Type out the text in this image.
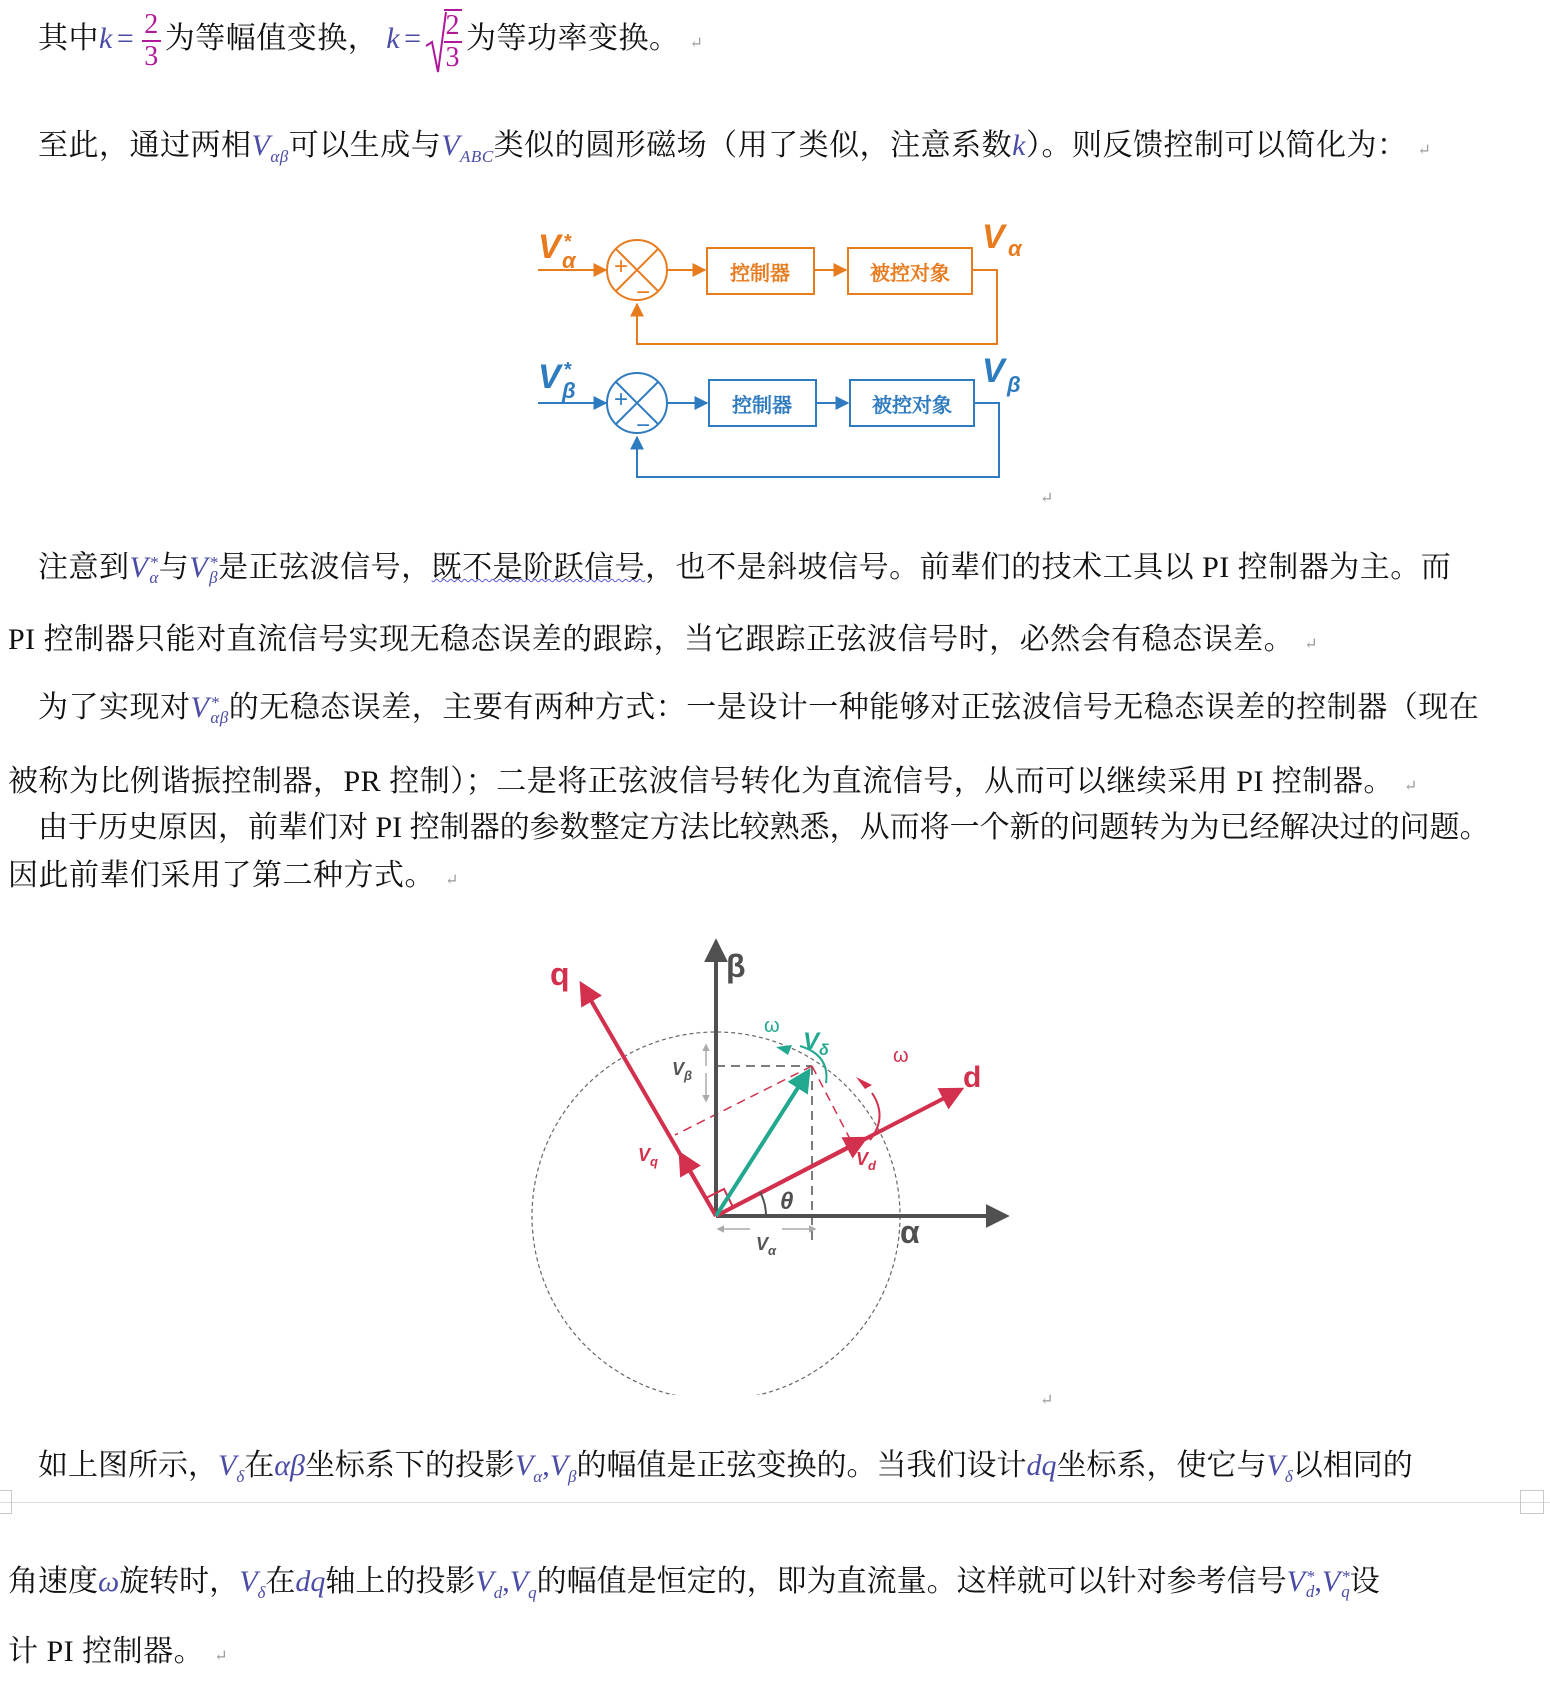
其中$k = \frac{2}{3}$ 为等幅值变换， $k = \frac{2}{3}$ 为等功率变换。 ↵
至此，通过两相$V_{\alpha\beta}$可以生成与$V_{ABC}$类似的圆形磁场（用了类似，注意系数k）。则反馈控制可以简化为： ↵
V *
α +
−
控制器	被控对象
V α
V *
β +
−
控制器	被控对象
V β
↵
注意到V *
α 与V *
β 是正弦波信号，既不是阶跃信号，也不是斜坡信号。前辈们的技术工具以 PI 控制器为主。而
PI 控制器只能对直流信号实现无稳态误差的跟踪，当它跟踪正弦波信号时，必然会有稳态误差。 ↵
为了实现对V *
αβ 的无稳态误差，主要有两种方式：一是设计一种能够对正弦波信号无稳态误差的控制器（现在
被称为比例谐振控制器，PR 控制）；二是将正弦波信号转化为直流信号，从而可以继续采用 PI 控制器。 ↵
由于历史原因，前辈们对 PI 控制器的参数整定方法比较熟悉，从而将一个新的问题转为为已经解决过的问题。
因此前辈们采用了第二种方式。 ↵
β
α
q
d
ω
ω
θ
$V_\delta$
$V_\beta$
$V_\alpha$
$V_q$	$V_d$
↵
如上图所示，$V_\delta$在αβ坐标系下的投影$V_\alpha,V_\beta$的幅值是正弦变换的。当我们设计dq坐标系，使它与$V_\delta$以相同的
角速度ω旋转时，$V_\delta$在dq轴上的投影$V_d,V_q$的幅值是恒定的，即为直流量。这样就可以针对参考信号V *
d ,V *
q 设
计 PI 控制器。 ↵
